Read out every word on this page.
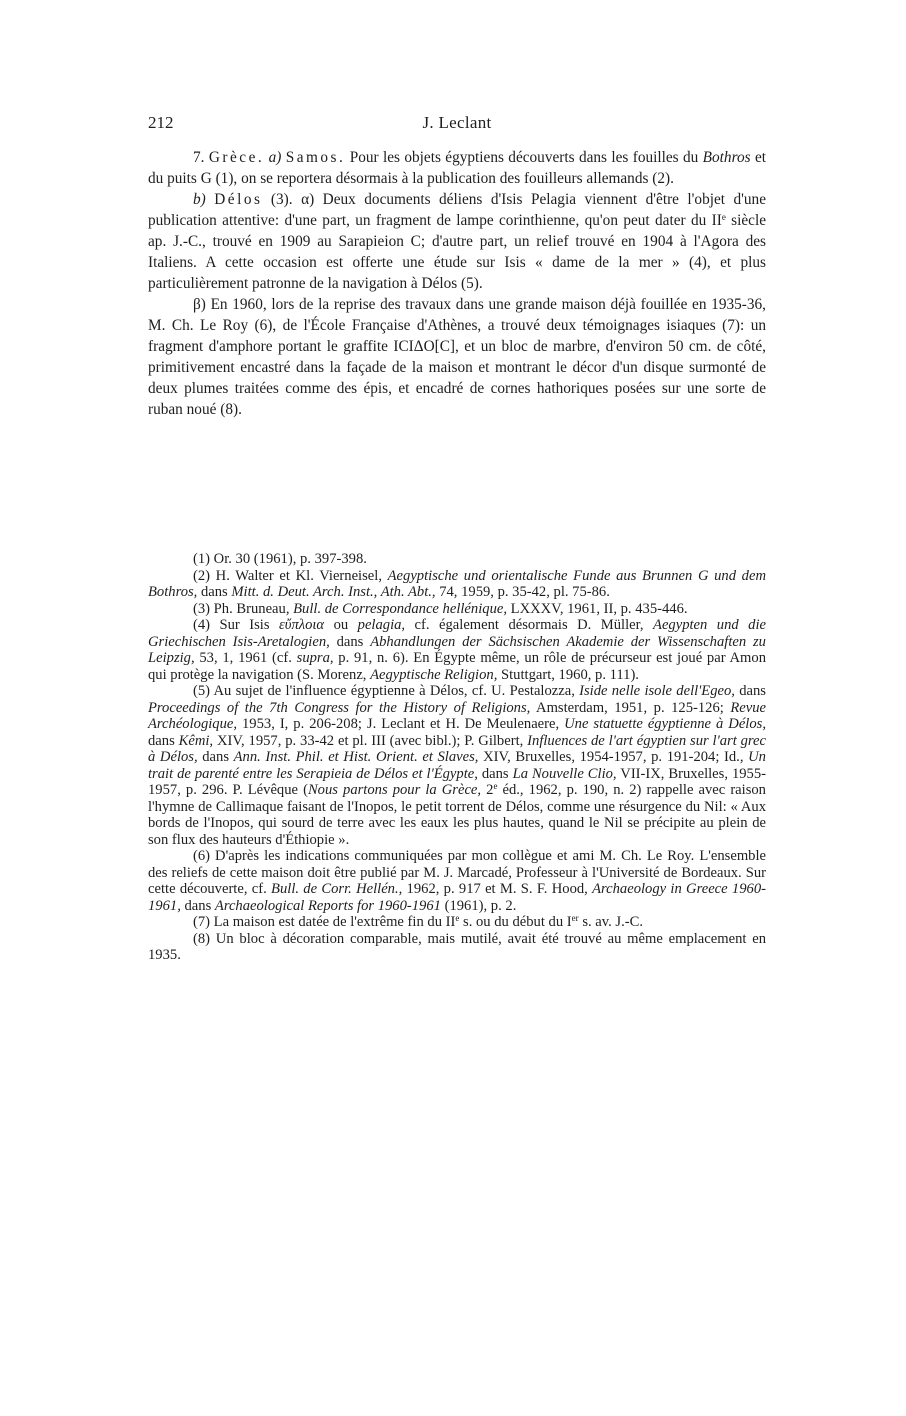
212	J. Leclant

7. Grèce. a) Samos. Pour les objets égyptiens découverts dans les fouilles du Bothros et du puits G (1), on se reportera désormais à la publication des fouilleurs allemands (2).

b) Délos (3). α) Deux documents déliens d'Isis Pelagia viennent d'être l'objet d'une publication attentive: d'une part, un fragment de lampe corinthienne, qu'on peut dater du IIe siècle ap. J.-C., trouvé en 1909 au Sarapieion C; d'autre part, un relief trouvé en 1904 à l'Agora des Italiens. A cette occasion est offerte une étude sur Isis « dame de la mer » (4), et plus particulièrement patronne de la navigation à Délos (5).

β) En 1960, lors de la reprise des travaux dans une grande maison déjà fouillée en 1935-36, M. Ch. Le Roy (6), de l'École Française d'Athènes, a trouvé deux témoignages isiaques (7): un fragment d'amphore portant le graffite ICIΔO[C], et un bloc de marbre, d'environ 50 cm. de côté, primitivement encastré dans la façade de la maison et montrant le décor d'un disque surmonté de deux plumes traitées comme des épis, et encadré de cornes hathoriques posées sur une sorte de ruban noué (8).

(1) Or. 30 (1961), p. 397-398.

(2) H. Walter et Kl. Vierneisel, Aegyptische und orientalische Funde aus Brunnen G und dem Bothros, dans Mitt. d. Deut. Arch. Inst., Ath. Abt., 74, 1959, p. 35-42, pl. 75-86.

(3) Ph. Bruneau, Bull. de Correspondance hellénique, LXXXV, 1961, II, p. 435-446.

(4) Sur Isis εὔπλοια ou pelagia, cf. également désormais D. Müller, Aegypten und die Griechischen Isis-Aretalogien, dans Abhandlungen der Sächsischen Akademie der Wissenschaften zu Leipzig, 53, 1, 1961 (cf. supra, p. 91, n. 6). En Égypte même, un rôle de précurseur est joué par Amon qui protège la navigation (S. Morenz, Aegyptische Religion, Stuttgart, 1960, p. 111).

(5) Au sujet de l'influence égyptienne à Délos, cf. U. Pestalozza, Iside nelle isole dell'Egeo, dans Proceedings of the 7th Congress for the History of Religions, Amsterdam, 1951, p. 125-126; Revue Archéologique, 1953, I, p. 206-208; J. Leclant et H. De Meulenaere, Une statuette égyptienne à Délos, dans Kêmi, XIV, 1957, p. 33-42 et pl. III (avec bibl.); P. Gilbert, Influences de l'art égyptien sur l'art grec à Délos, dans Ann. Inst. Phil. et Hist. Orient. et Slaves, XIV, Bruxelles, 1954-1957, p. 191-204; Id., Un trait de parenté entre les Serapieia de Délos et l'Égypte, dans La Nouvelle Clio, VII-IX, Bruxelles, 1955-1957, p. 296. P. Lévêque (Nous partons pour la Grèce, 2e éd., 1962, p. 190, n. 2) rappelle avec raison l'hymne de Callimaque faisant de l'Inopos, le petit torrent de Délos, comme une résurgence du Nil: « Aux bords de l'Inopos, qui sourd de terre avec les eaux les plus hautes, quand le Nil se précipite au plein de son flux des hauteurs d'Éthiopie ».

(6) D'après les indications communiquées par mon collègue et ami M. Ch. Le Roy. L'ensemble des reliefs de cette maison doit être publié par M. J. Marcadé, Professeur à l'Université de Bordeaux. Sur cette découverte, cf. Bull. de Corr. Hellén., 1962, p. 917 et M. S. F. Hood, Archaeology in Greece 1960-1961, dans Archaeological Reports for 1960-1961 (1961), p. 2.

(7) La maison est datée de l'extrême fin du IIe s. ou du début du Ier s. av. J.-C.

(8) Un bloc à décoration comparable, mais mutilé, avait été trouvé au même emplacement en 1935.
